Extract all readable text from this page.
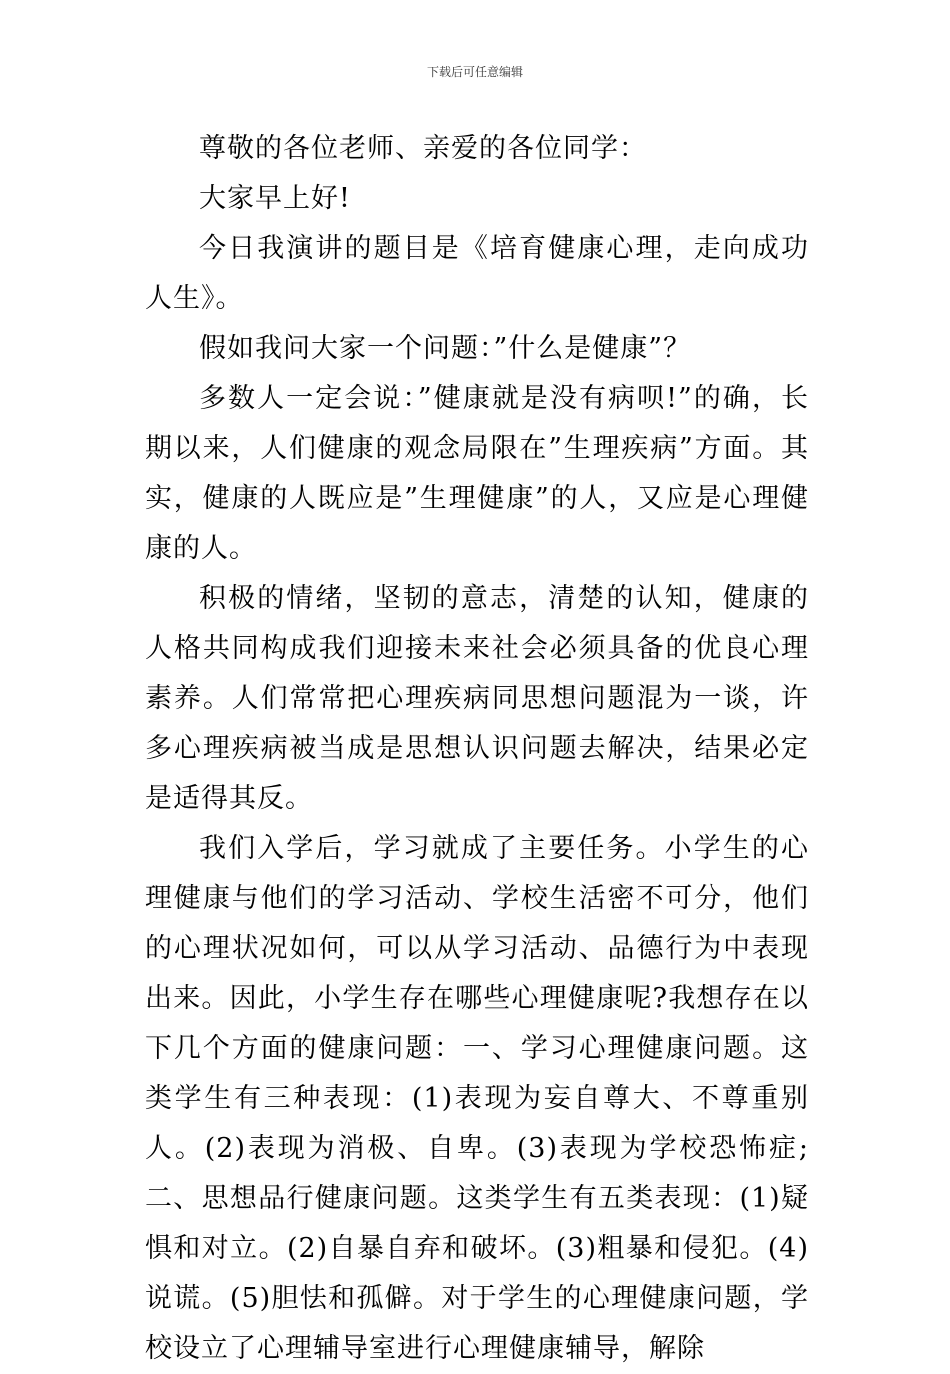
下载后可任意编辑

尊敬的各位老师、亲爱的各位同学：

大家早上好!

今日我演讲的题目是《培育健康心理，走向成功人生》。

假如我问大家一个问题：”什么是健康”？

多数人一定会说：”健康就是没有病呗!”的确，长期以来，人们健康的观念局限在”生理疾病”方面。其实，健康的人既应是”生理健康”的人，又应是心理健康的人。

积极的情绪，坚韧的意志，清楚的认知，健康的人格共同构成我们迎接未来社会必须具备的优良心理素养。人们常常把心理疾病同思想问题混为一谈，许多心理疾病被当成是思想认识问题去解决，结果必定是适得其反。

我们入学后，学习就成了主要任务。小学生的心理健康与他们的学习活动、学校生活密不可分，他们的心理状况如何，可以从学习活动、品德行为中表现出来。因此，小学生存在哪些心理健康呢?我想存在以下几个方面的健康问题：一、学习心理健康问题。这类学生有三种表现：(1)表现为妄自尊大、不尊重别人。(2)表现为消极、自卑。(3)表现为学校恐怖症;二、思想品行健康问题。这类学生有五类表现：(1)疑惧和对立。(2)自暴自弃和破坏。(3)粗暴和侵犯。(4)说谎。(5)胆怯和孤僻。对于学生的心理健康问题，学校设立了心理辅导室进行心理健康辅导，解除
